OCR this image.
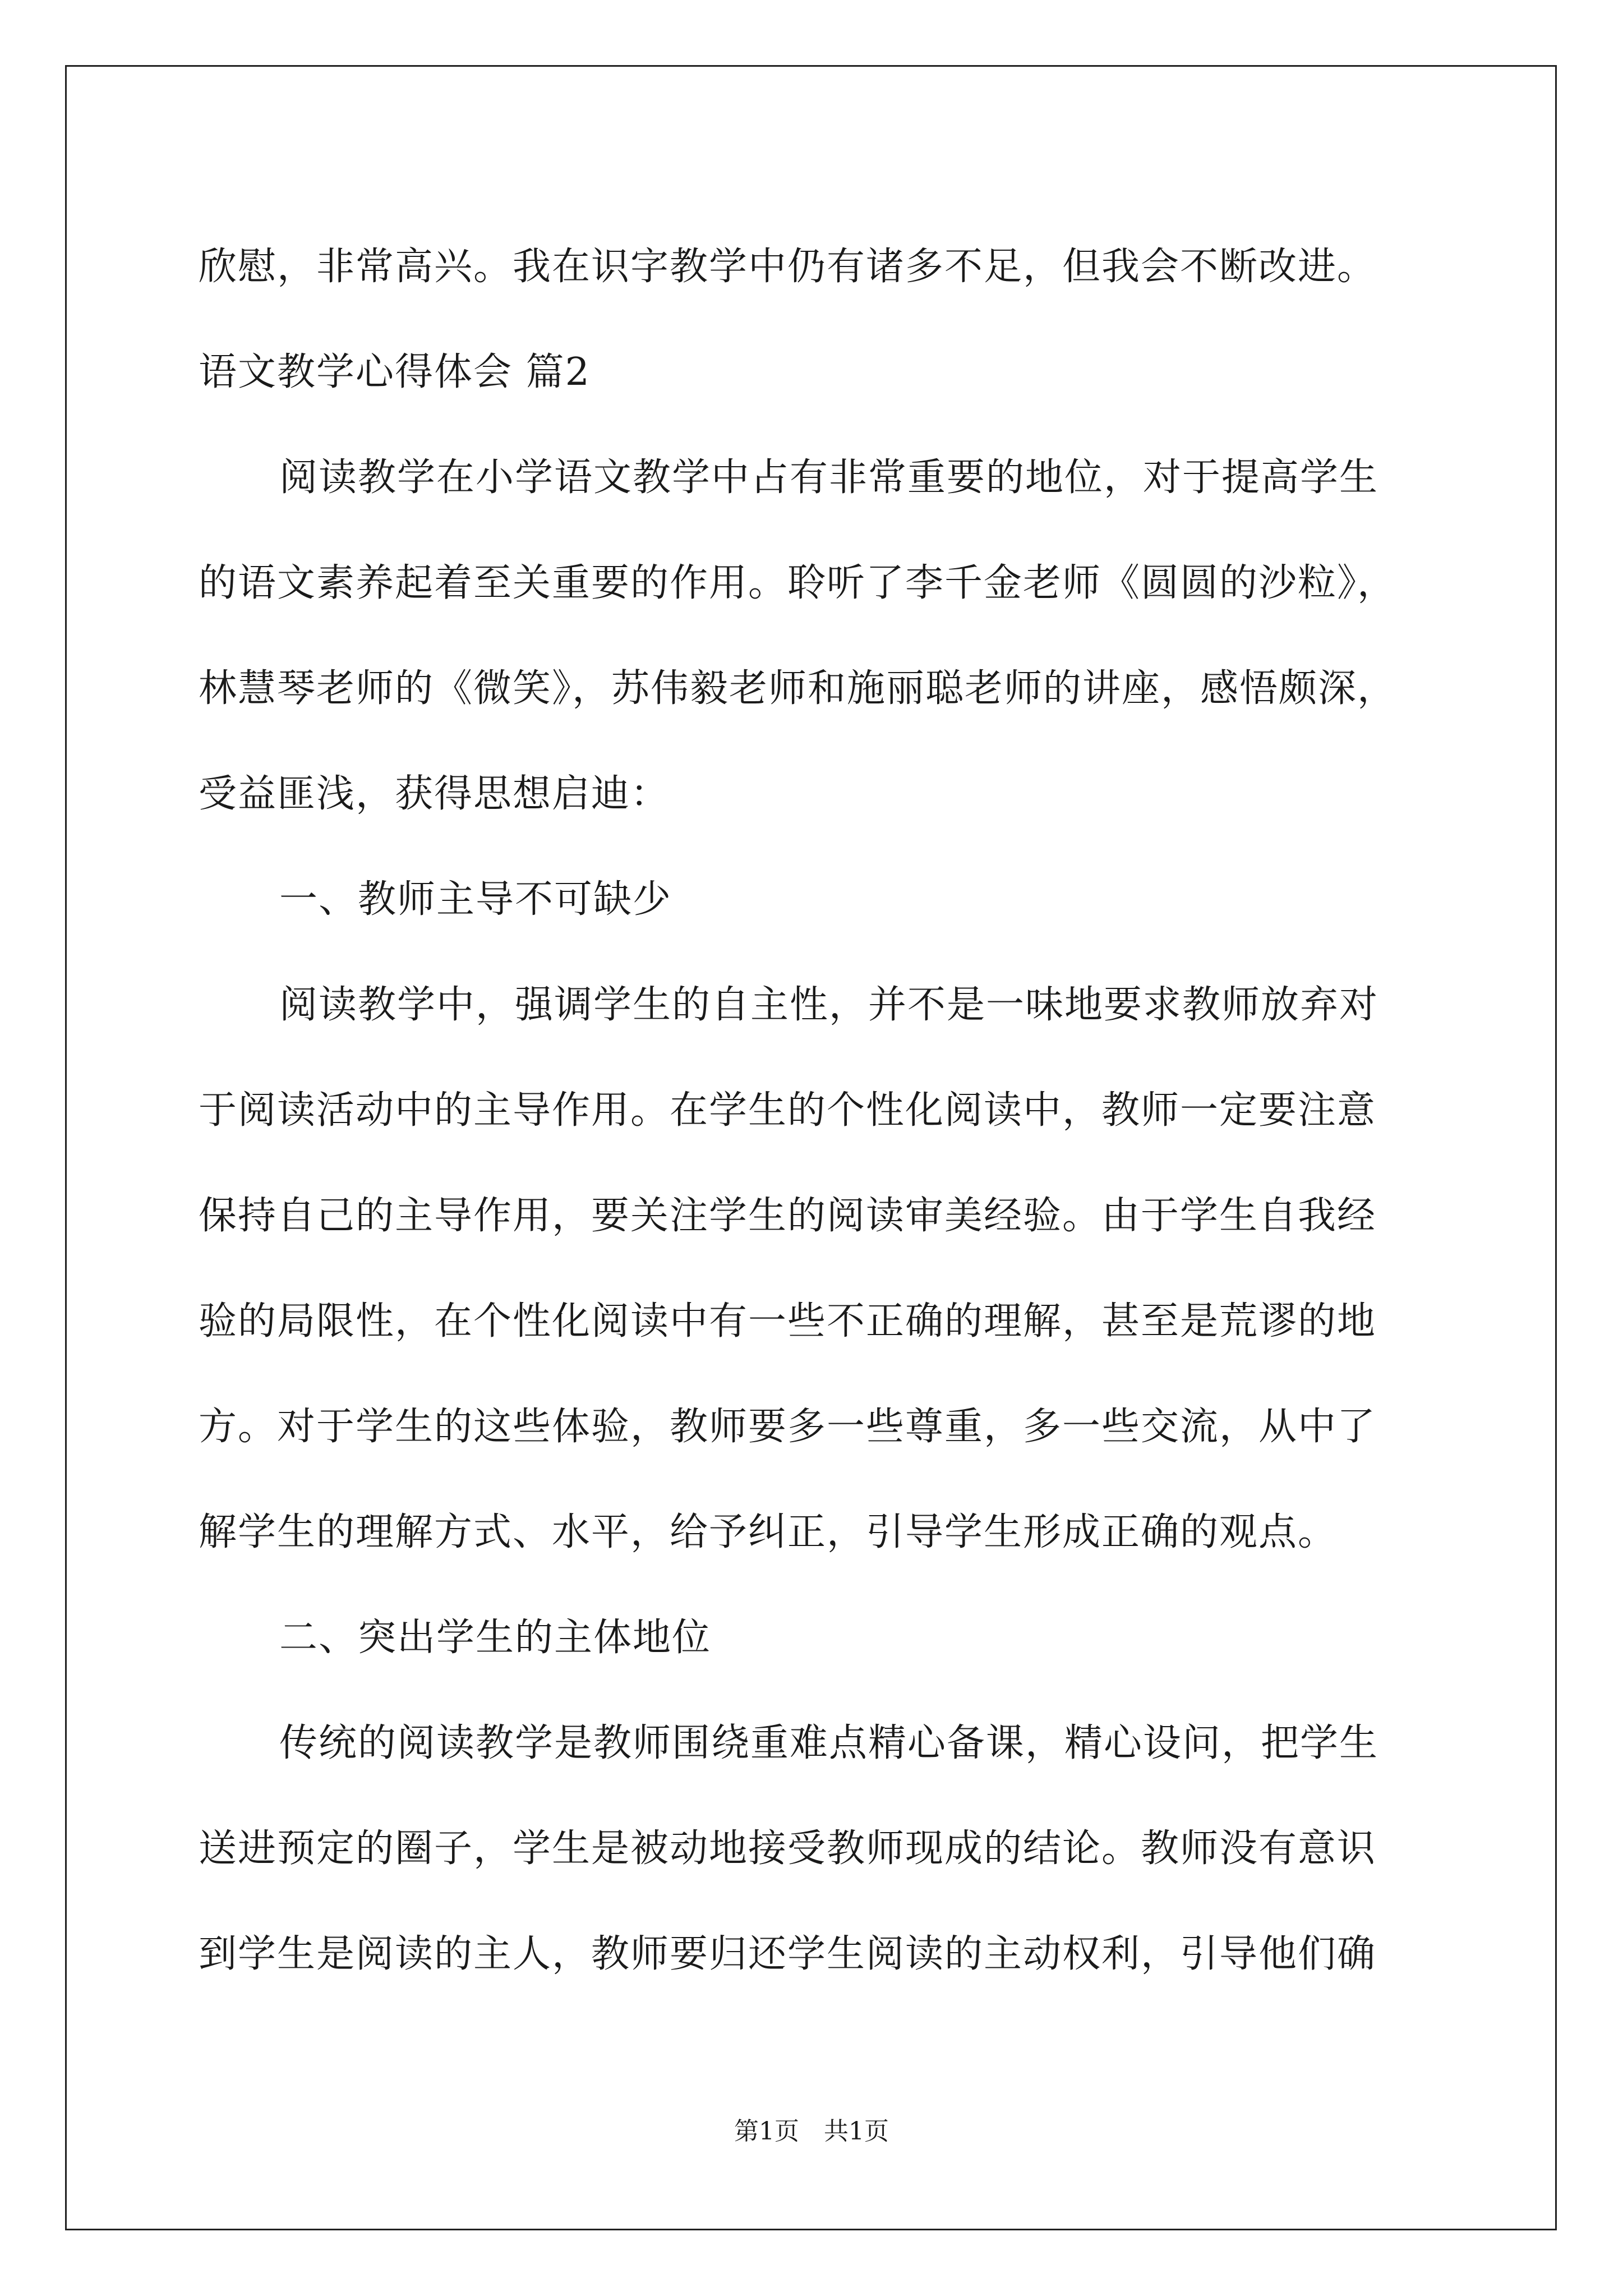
欣慰，非常高兴。我在识字教学中仍有诸多不足，但我会不断改进。
语文教学心得体会 篇2
阅读教学在小学语文教学中占有非常重要的地位，对于提高学生
的语文素养起着至关重要的作用。聆听了李千金老师《圆圆的沙粒》，
林慧琴老师的《微笑》，苏伟毅老师和施丽聪老师的讲座，感悟颇深，
受益匪浅，获得思想启迪：
一、教师主导不可缺少
阅读教学中，强调学生的自主性，并不是一味地要求教师放弃对
于阅读活动中的主导作用。在学生的个性化阅读中，教师一定要注意
保持自己的主导作用，要关注学生的阅读审美经验。由于学生自我经
验的局限性，在个性化阅读中有一些不正确的理解，甚至是荒谬的地
方。对于学生的这些体验，教师要多一些尊重，多一些交流，从中了
解学生的理解方式、水平，给予纠正，引导学生形成正确的观点。
二、突出学生的主体地位
传统的阅读教学是教师围绕重难点精心备课，精心设问，把学生
送进预定的圈子，学生是被动地接受教师现成的结论。教师没有意识
到学生是阅读的主人，教师要归还学生阅读的主动权利，引导他们确
第1页　共1页
